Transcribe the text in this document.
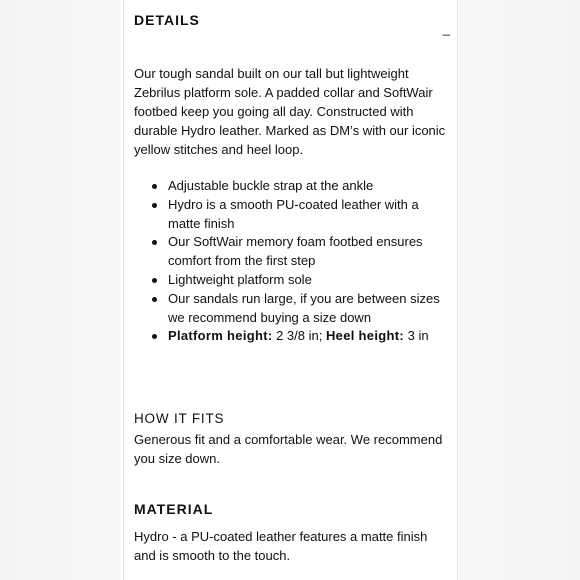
DETAILS
_

Our tough sandal built on our tall but lightweight Zebrilus platform sole. A padded collar and SoftWair footbed keep you going all day. Constructed with durable Hydro leather. Marked as DM’s with our iconic yellow stitches and heel loop.

Adjustable buckle strap at the ankle
Hydro is a smooth PU-coated leather with a matte finish
Our SoftWair memory foam footbed ensures comfort from the first step
Lightweight platform sole
Our sandals run large, if you are between sizes we recommend buying a size down
Platform height: 2 3/8 in; Heel height: 3 in
HOW IT FITS

Generous fit and a comfortable wear. We recommend you size down.

MATERIAL

Hydro - a PU-coated leather features a matte finish and is smooth to the touch.
